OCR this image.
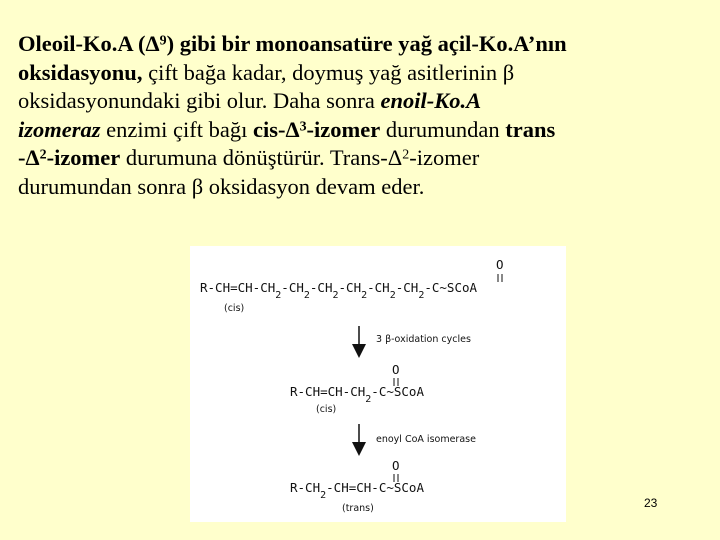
Oleoil-Ko.A $(\Delta^9)$ gibi bir monoansatüre yağ açil-Ko.A’nın
oksidasyonu, çift bağa kadar, doymuş yağ asitlerinin β
oksidasyonundaki gibi olur. Daha sonra enoil-Ko.A
izomeraz enzimi çift bağı cis-$\Delta^3$-izomer durumundan trans
$-\Delta^2$-izomer durumuna dönüştürür. Trans-$\Delta^2$-izomer
durumundan sonra β oksidasyon devam eder.
O
$R-CH=CH-CH_2^{-CH}_2^{-CH}_2^{-CH}_2^{-CH}_2^{-CH}_2^{-C\sim SCoA}$
(cis)
3 β-oxidation cycles
O
$R-CH=CH-CH_2^{-C\sim SCoA}$
(cis)
enoyl CoA isomerase
O
$R-CH_2^{-CH=CH-C\sim SCoA}$
(trans)	23
